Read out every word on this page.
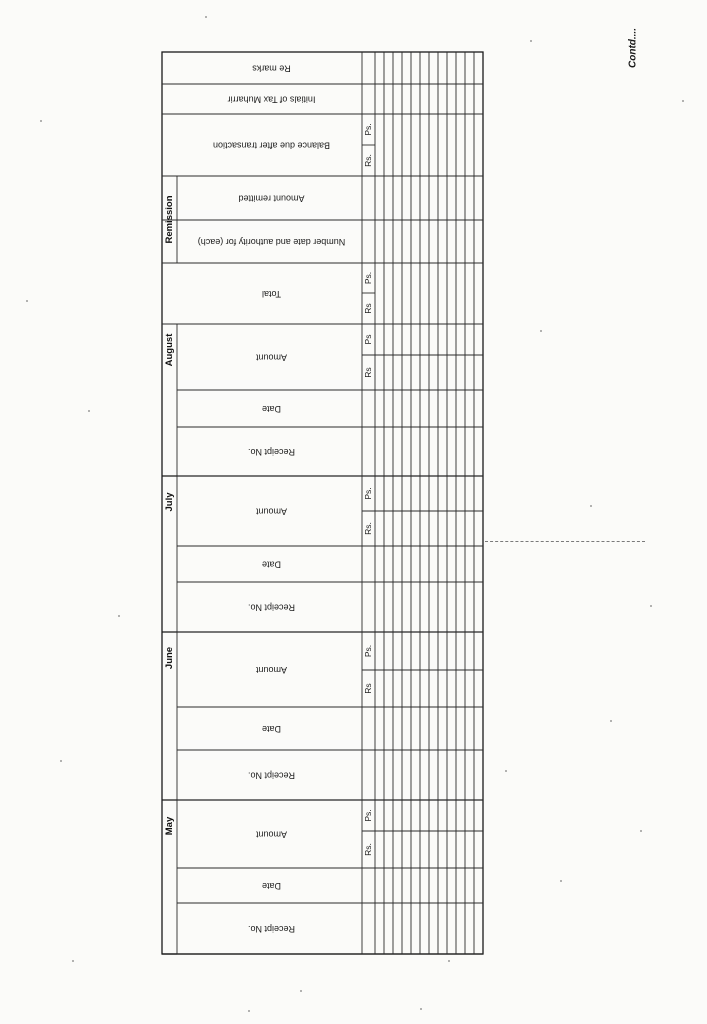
Contd....
Re marks
Initials of Tax Muharrir
Balance due after transaction
Ps.
Rs.
Amount remitted
Number date and authority for (each)
Total
Ps.
Rs
Remission
August	Amount
Ps
Rs
Date
Receipt No.
July
Amount
Ps.
Rs.
Date
Receipt No.
June
Amount
Ps.
Rs
Date
Receipt No.
May	Amount
Ps.
Rs.
Date
Receipt No.
